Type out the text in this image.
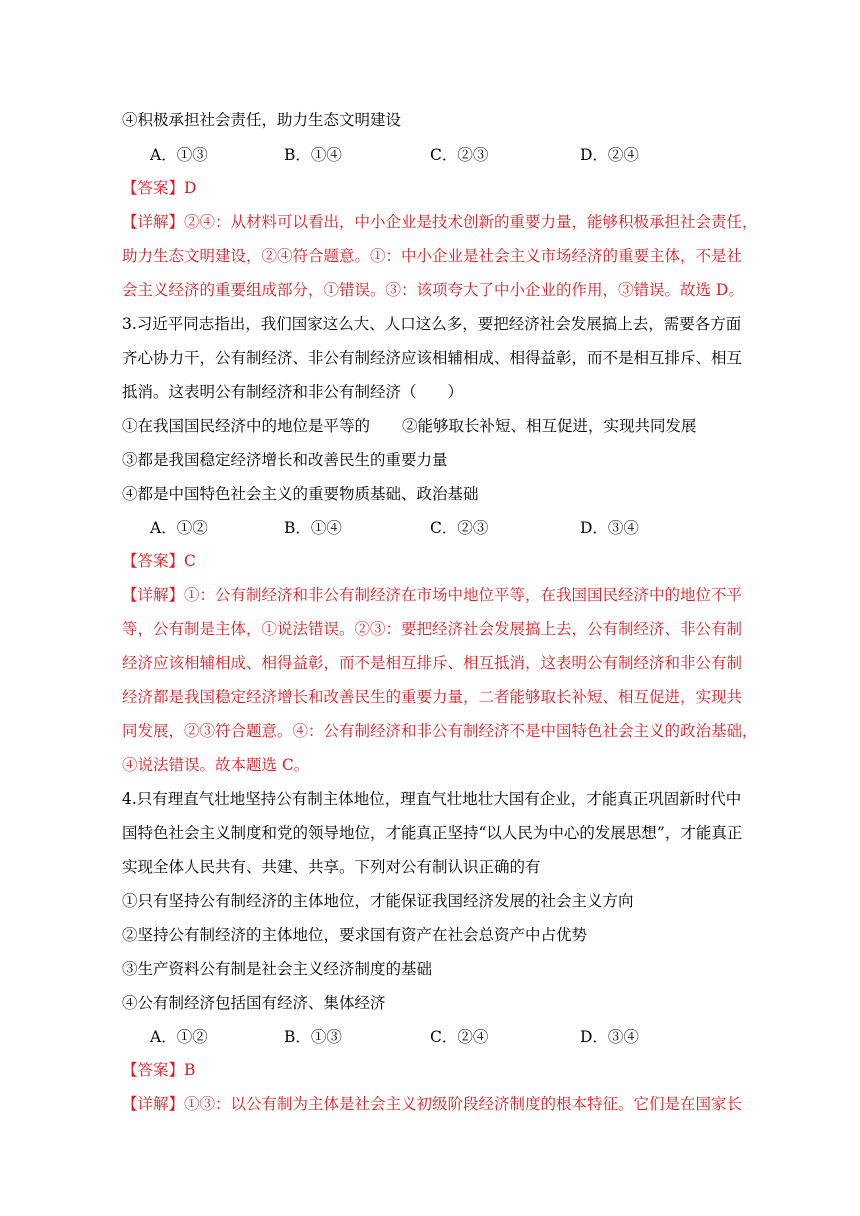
④积极承担社会责任，助力生态文明建设
A．①③	B．①④	C．②③	D．②④
【答案】D
【详解】②④：从材料可以看出，中小企业是技术创新的重要力量，能够积极承担社会责任，
助力生态文明建设，②④符合题意。①：中小企业是社会主义市场经济的重要主体，不是社
会主义经济的重要组成部分，①错误。③：该项夸大了中小企业的作用，③错误。故选 D。
3.习近平同志指出，我们国家这么大、人口这么多，要把经济社会发展搞上去，需要各方面
齐心协力干，公有制经济、非公有制经济应该相辅相成、相得益彰，而不是相互排斥、相互
抵消。这表明公有制经济和非公有制经济（　　）
①在我国国民经济中的地位是平等的 ②能够取长补短、相互促进，实现共同发展
③都是我国稳定经济增长和改善民生的重要力量
④都是中国特色社会主义的重要物质基础、政治基础
A．①②	B．①④	C．②③	D．③④
【答案】C
【详解】①：公有制经济和非公有制经济在市场中地位平等，在我国国民经济中的地位不平
等，公有制是主体，①说法错误。②③：要把经济社会发展搞上去，公有制经济、非公有制
经济应该相辅相成、相得益彰，而不是相互排斥、相互抵消，这表明公有制经济和非公有制
经济都是我国稳定经济增长和改善民生的重要力量，二者能够取长补短、相互促进，实现共
同发展，②③符合题意。④：公有制经济和非公有制经济不是中国特色社会主义的政治基础，
④说法错误。故本题选 C。
4.只有理直气壮地坚持公有制主体地位，理直气壮地壮大国有企业，才能真正巩固新时代中
国特色社会主义制度和党的领导地位，才能真正坚持“以人民为中心的发展思想”，才能真正
实现全体人民共有、共建、共享。下列对公有制认识正确的有
①只有坚持公有制经济的主体地位，才能保证我国经济发展的社会主义方向
②坚持公有制经济的主体地位，要求国有资产在社会总资产中占优势
③生产资料公有制是社会主义经济制度的基础
④公有制经济包括国有经济、集体经济
A．①②	B．①③	C．②④	D．③④
【答案】B
【详解】①③：以公有制为主体是社会主义初级阶段经济制度的根本特征。它们是在国家长
